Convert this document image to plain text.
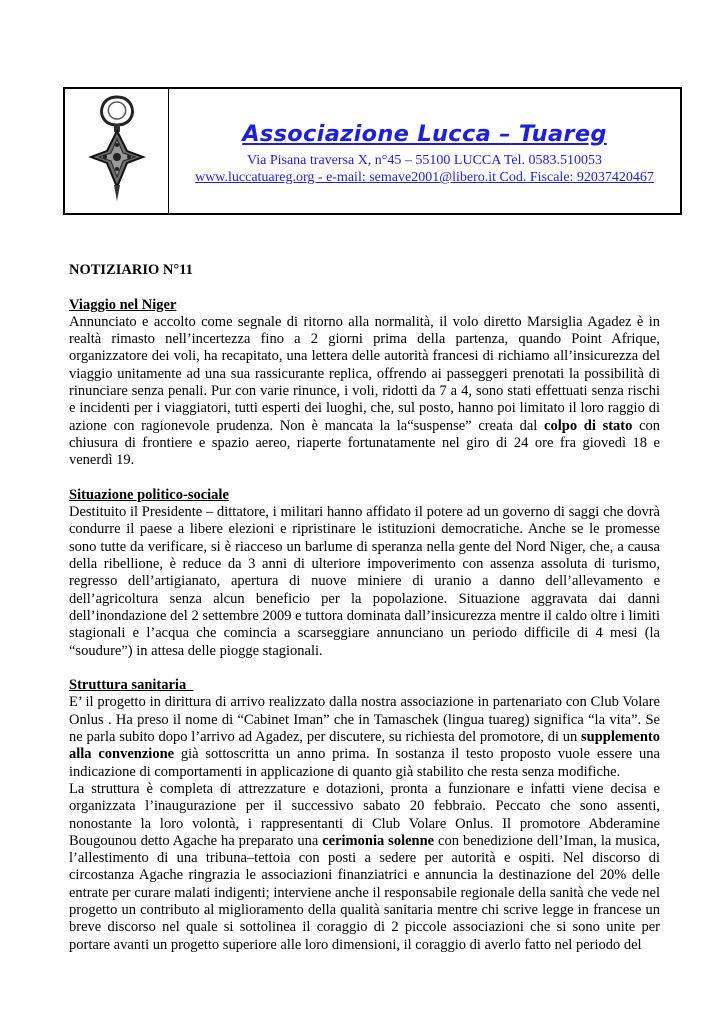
Associazione Lucca – Tuareg
Via Pisana traversa X, n°45 – 55100 LUCCA Tel. 0583.510053
www.luccatuareg.org - e-mail: semave2001@libero.it Cod. Fiscale: 92037420467

NOTIZIARIO N°11

Viaggio nel Niger

Annunciato e accolto come segnale di ritorno alla normalità, il volo diretto Marsiglia Agadez è in realtà rimasto nell’incertezza fino a 2 giorni prima della partenza, quando Point Afrique, organizzatore dei voli, ha recapitato, una lettera delle autorità francesi di richiamo all’insicurezza del viaggio unitamente ad una sua rassicurante replica, offrendo ai passeggeri prenotati la possibilità di rinunciare senza penali. Pur con varie rinunce, i voli, ridotti da 7 a 4, sono stati effettuati senza rischi e incidenti per i viaggiatori, tutti esperti dei luoghi, che, sul posto, hanno poi limitato il loro raggio di azione con ragionevole prudenza. Non è mancata la la“suspense” creata dal colpo di stato con chiusura di frontiere e spazio aereo, riaperte fortunatamente nel giro di 24 ore fra giovedì 18 e venerdì 19.

Situazione politico-sociale

Destituito il Presidente – dittatore, i militari hanno affidato il potere ad un governo di saggi che dovrà condurre il paese a libere elezioni e ripristinare le istituzioni democratiche. Anche se le promesse sono tutte da verificare, si è riacceso un barlume di speranza nella gente del Nord Niger, che, a causa della ribellione, è reduce da 3 anni di ulteriore impoverimento con assenza assoluta di turismo, regresso dell’artigianato, apertura di nuove miniere di uranio a danno dell’allevamento e dell’agricoltura senza alcun beneficio per la popolazione. Situazione aggravata dai danni dell’inondazione del 2 settembre 2009 e tuttora dominata dall’insicurezza mentre il caldo oltre i limiti stagionali e l’acqua che comincia a scarseggiare annunciano un periodo difficile di 4 mesi (la “soudure”) in attesa delle piogge stagionali.

Struttura sanitaria

E’ il progetto in dirittura di arrivo realizzato dalla nostra associazione in partenariato con Club Volare Onlus . Ha preso il nome di “Cabinet Iman” che in Tamaschek (lingua tuareg) significa “la vita”. Se ne parla subito dopo l’arrivo ad Agadez, per discutere, su richiesta del promotore, di un supplemento alla convenzione già sottoscritta un anno prima. In sostanza il testo proposto vuole essere una indicazione di comportamenti in applicazione di quanto già stabilito che resta senza modifiche.

La struttura è completa di attrezzature e dotazioni, pronta a funzionare e infatti viene decisa e organizzata l’inaugurazione per il successivo sabato 20 febbraio. Peccato che sono assenti, nonostante la loro volontà, i rappresentanti di Club Volare Onlus. Il promotore Abderamine Bougounou detto Agache ha preparato una cerimonia solenne con benedizione dell’Iman, la musica, l’allestimento di una tribuna–tettoia con posti a sedere per autorità e ospiti. Nel discorso di circostanza Agache ringrazia le associazioni finanziatrici e annuncia la destinazione del 20% delle entrate per curare malati indigenti; interviene anche il responsabile regionale della sanità che vede nel progetto un contributo al miglioramento della qualità sanitaria mentre chi scrive legge in francese un breve discorso nel quale si sottolinea il coraggio di 2 piccole associazioni che si sono unite per portare avanti un progetto superiore alle loro dimensioni, il coraggio di averlo fatto nel periodo del
